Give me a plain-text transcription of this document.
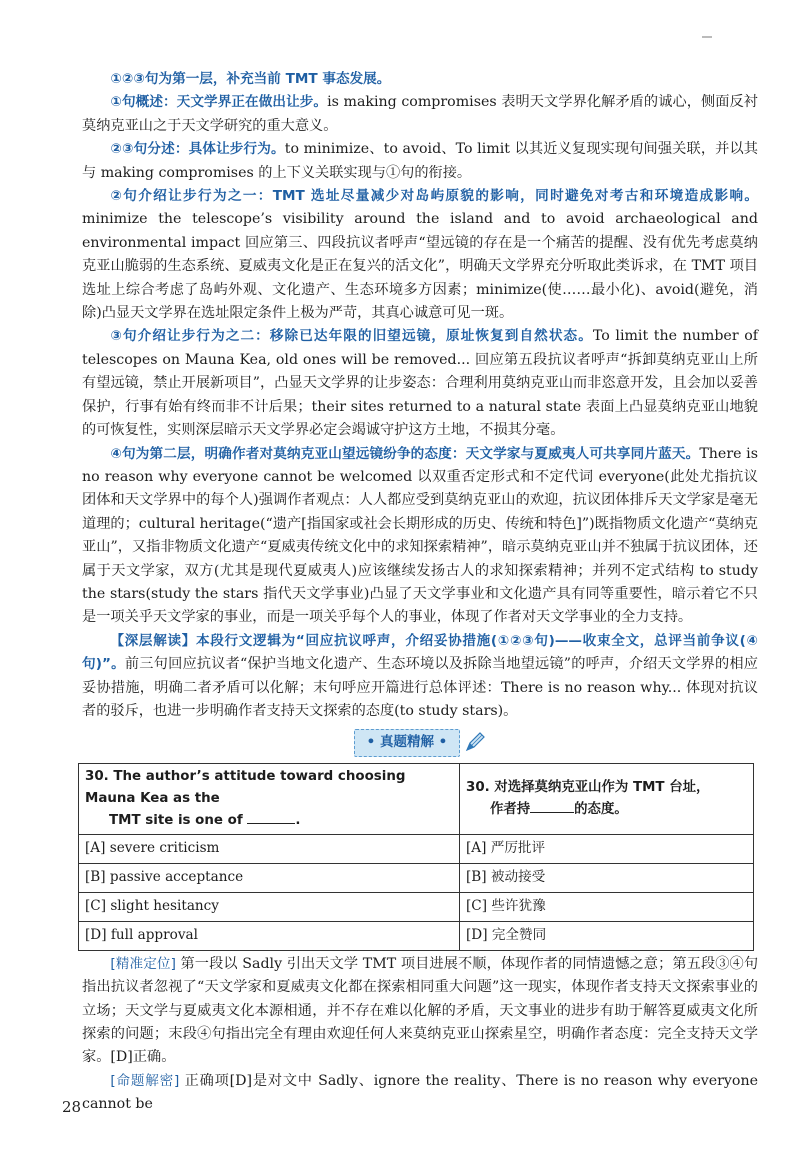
①②③句为第一层，补充当前 TMT 事态发展。

①句概述：天文学界正在做出让步。is making compromises 表明天文学界化解矛盾的诚心，侧面反衬莫纳克亚山之于天文学研究的重大意义。

②③句分述：具体让步行为。to minimize、to avoid、To limit 以其近义复现实现句间强关联，并以其与 making compromises 的上下义关联实现与①句的衔接。

②句介绍让步行为之一：TMT 选址尽量减少对岛屿原貌的影响，同时避免对考古和环境造成影响。minimize the telescope’s visibility around the island and to avoid archaeological and environmental impact 回应第三、四段抗议者呼声“望远镜的存在是一个痛苦的提醒、没有优先考虑莫纳克亚山脆弱的生态系统、夏威夷文化是正在复兴的活文化”，明确天文学界充分听取此类诉求，在 TMT 项目选址上综合考虑了岛屿外观、文化遗产、生态环境多方因素；minimize(使……最小化)、avoid(避免，消除)凸显天文学界在选址限定条件上极为严苛，其真心诚意可见一斑。

③句介绍让步行为之二：移除已达年限的旧望远镜，原址恢复到自然状态。To limit the number of telescopes on Mauna Kea, old ones will be removed... 回应第五段抗议者呼声“拆卸莫纳克亚山上所有望远镜，禁止开展新项目”，凸显天文学界的让步姿态：合理利用莫纳克亚山而非恣意开发，且会加以妥善保护，行事有始有终而非不计后果；their sites returned to a natural state 表面上凸显莫纳克亚山地貌的可恢复性，实则深层暗示天文学界必定会竭诚守护这方土地，不损其分毫。

④句为第二层，明确作者对莫纳克亚山望远镜纷争的态度：天文学家与夏威夷人可共享同片蓝天。There is no reason why everyone cannot be welcomed 以双重否定形式和不定代词 everyone(此处尤指抗议团体和天文学界中的每个人)强调作者观点：人人都应受到莫纳克亚山的欢迎，抗议团体排斥天文学家是毫无道理的；cultural heritage(“遗产[指国家或社会长期形成的历史、传统和特色]”)既指物质文化遗产“莫纳克亚山”，又指非物质文化遗产“夏威夷传统文化中的求知探索精神”，暗示莫纳克亚山并不独属于抗议团体，还属于天文学家，双方(尤其是现代夏威夷人)应该继续发扬古人的求知探索精神；并列不定式结构 to study the stars(study the stars 指代天文学事业)凸显了天文学事业和文化遗产具有同等重要性，暗示着它不只是一项关乎天文学家的事业，而是一项关乎每个人的事业，体现了作者对天文学事业的全力支持。

【深层解读】本段行文逻辑为“回应抗议呼声，介绍妥协措施(①②③句)——收束全文，总评当前争议(④句)”。前三句回应抗议者“保护当地文化遗产、生态环境以及拆除当地望远镜”的呼声，介绍天文学界的相应妥协措施，明确二者矛盾可以化解；末句呼应开篇进行总体评述：There is no reason why... 体现对抗议者的驳斥，也进一步明确作者支持天文探索的态度(to study stars)。

• 真题精解 •
30. The author’s attitude toward choosing Mauna Kea as the
TMT site is one of .	30. 对选择莫纳克亚山作为 TMT 台址，
作者持 的态度。
[A] severe criticism	[A] 严厉批评
[B] passive acceptance	[B] 被动接受
[C] slight hesitancy	[C] 些许犹豫
[D] full approval	[D] 完全赞同

[精准定位] 第一段以 Sadly 引出天文学 TMT 项目进展不顺，体现作者的同情遗憾之意；第五段③④句指出抗议者忽视了“天文学家和夏威夷文化都在探索相同重大问题”这一现实，体现作者支持天文探索事业的立场；天文学与夏威夷文化本源相通，并不存在难以化解的矛盾，天文事业的进步有助于解答夏威夷文化所探索的问题；末段④句指出完全有理由欢迎任何人来莫纳克亚山探索星空，明确作者态度：完全支持天文学家。[D]正确。

[命题解密] 正确项[D]是对文中 Sadly、ignore the reality、There is no reason why everyone cannot be

28
